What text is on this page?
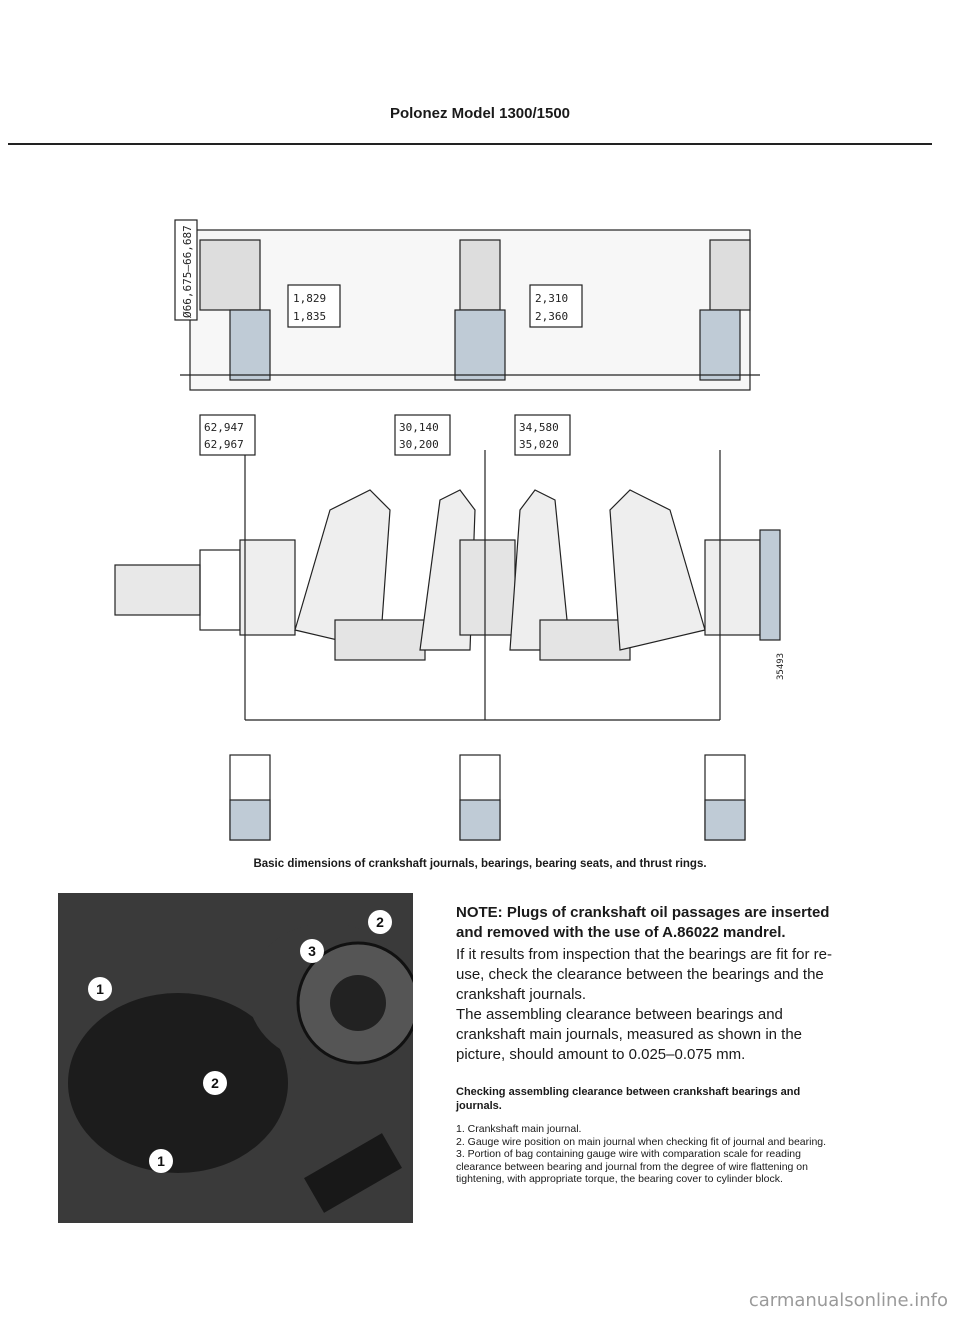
Polonez Model 1300/1500
Ø66,675–66,687	1,829
1,835
2,310
2,360
62,947
62,967
30,140
30,200
34,580
35,020
35493
Basic dimensions of crankshaft journals, bearings, bearing seats, and thrust rings.
1
2
3
2
1

NOTE: Plugs of crankshaft oil passages are inserted and removed with the use of A.86022 mandrel.

If it results from inspection that the bearings are fit for re-use, check the clearance between the bearings and the crankshaft journals.

The assembling clearance between bearings and crankshaft main journals, measured as shown in the picture, should amount to 0.025–0.075 mm.

Checking assembling clearance between crankshaft bearings and journals.
1. Crankshaft main journal.
2. Gauge wire position on main journal when checking fit of journal and bearing.
3. Portion of bag containing gauge wire with comparation scale for reading clearance between bearing and journal from the degree of wire flattening on tightening, with appropriate torque, the bearing cover to cylinder block.
carmanualsonline.info
